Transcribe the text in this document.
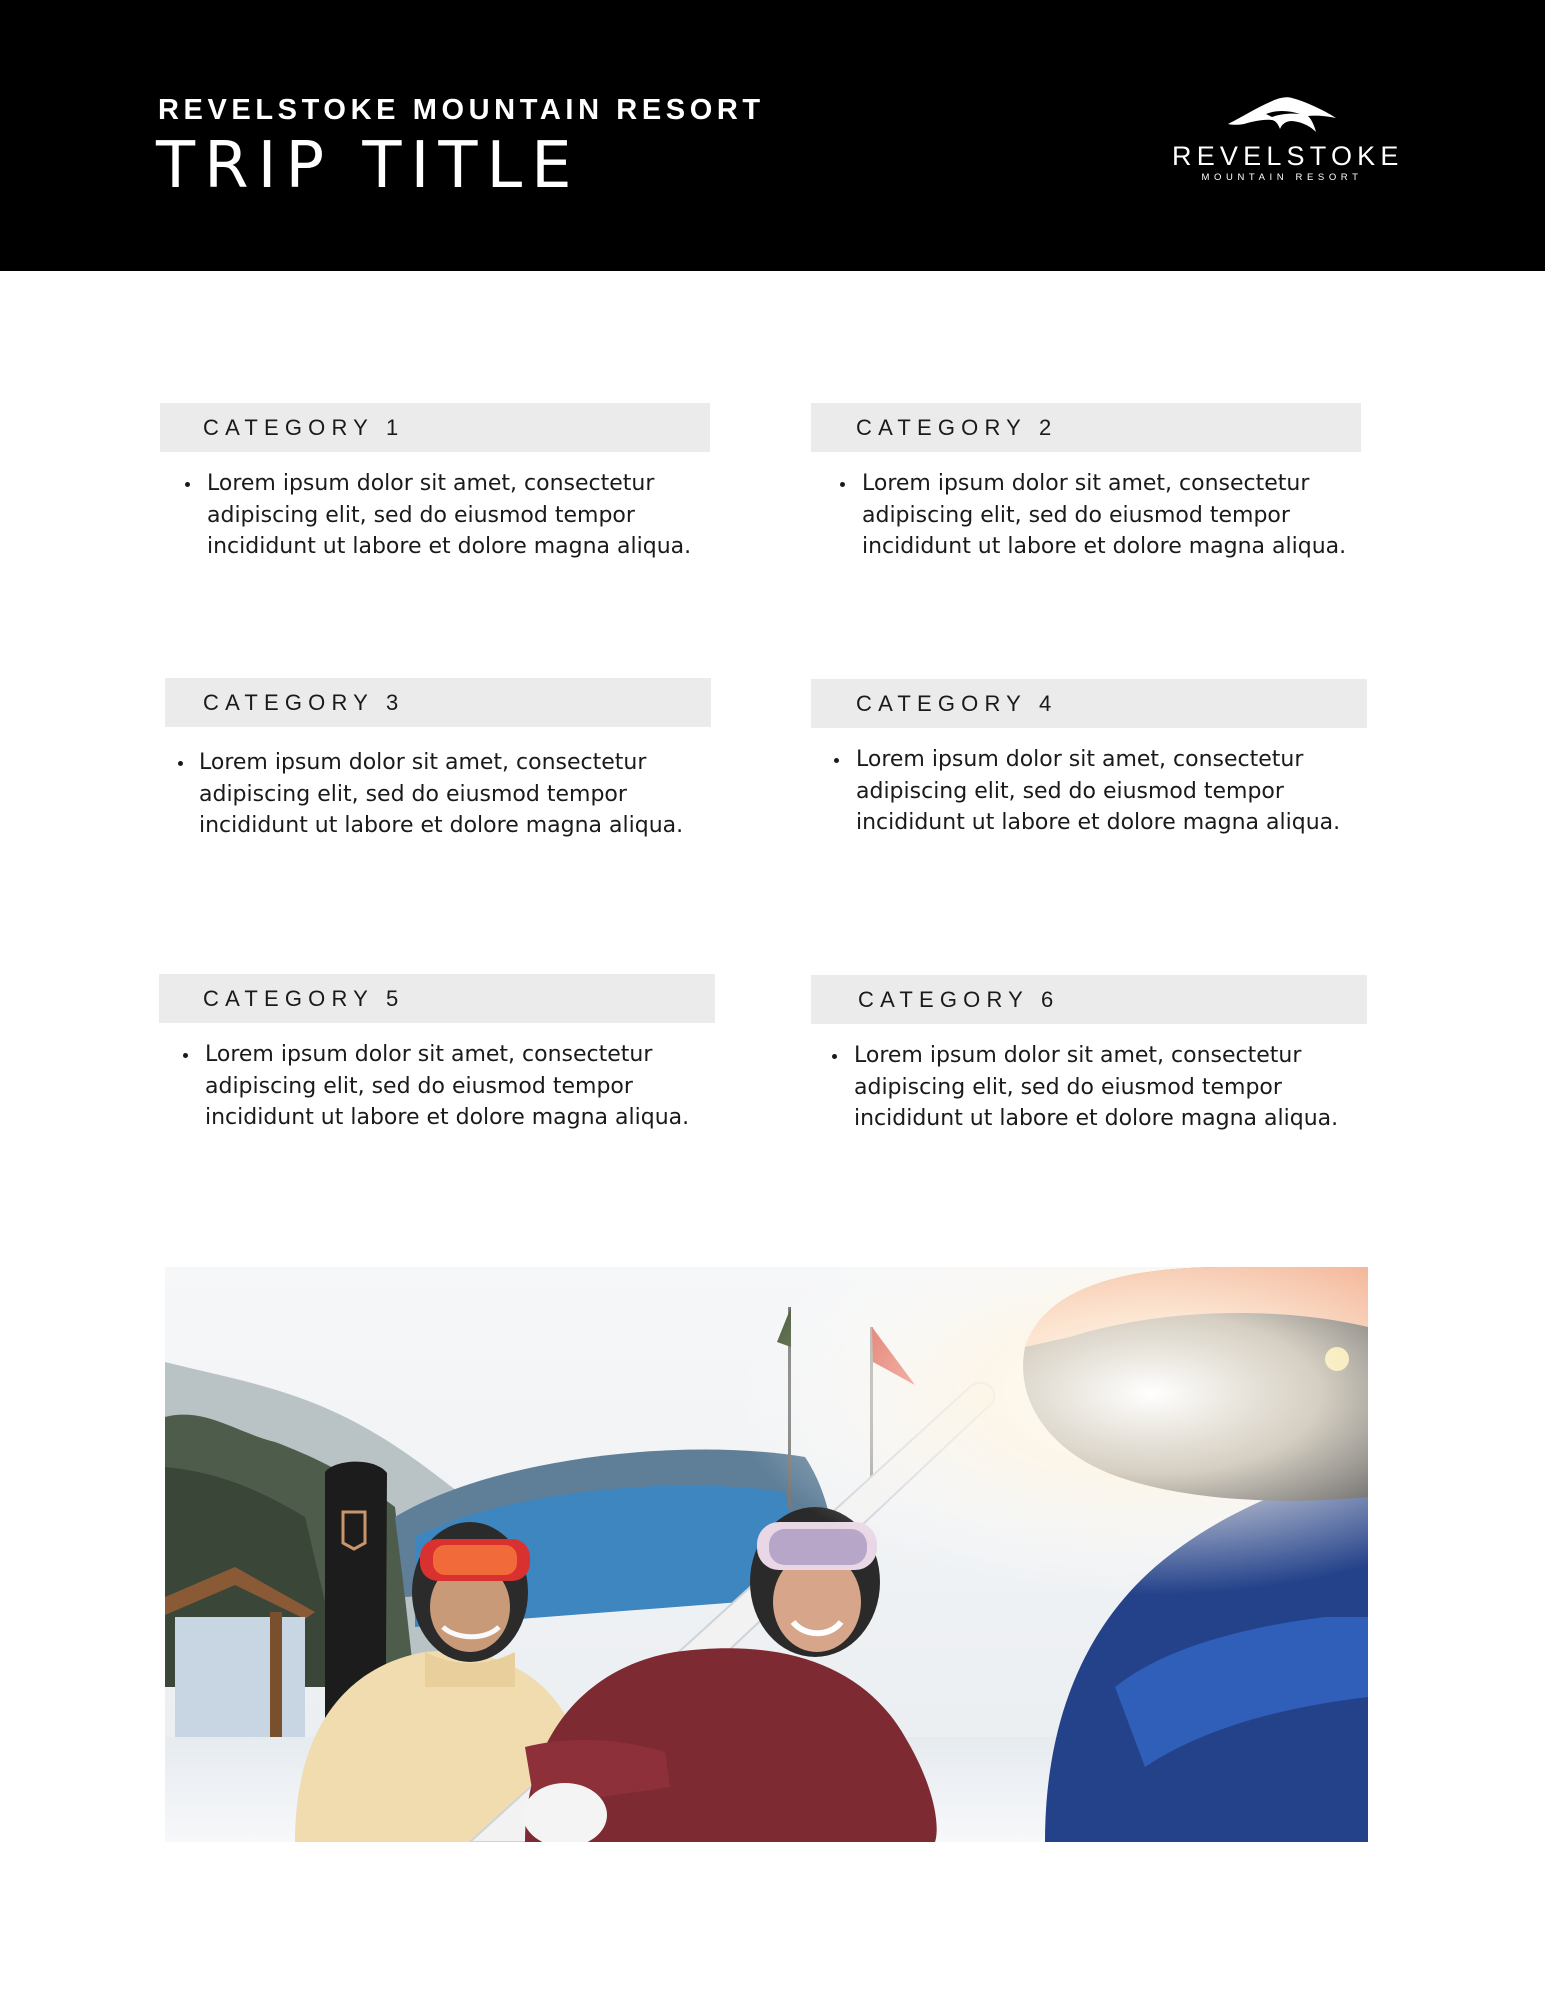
REVELSTOKE MOUNTAIN RESORT
TRIP TITLE	REVELSTOKE
MOUNTAIN RESORT
CATEGORY 1
Lorem ipsum dolor sit amet, consectetur
adipiscing elit, sed do eiusmod tempor
incididunt ut labore et dolore magna aliqua.
CATEGORY 2
Lorem ipsum dolor sit amet, consectetur
adipiscing elit, sed do eiusmod tempor
incididunt ut labore et dolore magna aliqua.
CATEGORY 3
Lorem ipsum dolor sit amet, consectetur
adipiscing elit, sed do eiusmod tempor
incididunt ut labore et dolore magna aliqua.
CATEGORY 4
Lorem ipsum dolor sit amet, consectetur
adipiscing elit, sed do eiusmod tempor
incididunt ut labore et dolore magna aliqua.
CATEGORY 5
Lorem ipsum dolor sit amet, consectetur
adipiscing elit, sed do eiusmod tempor
incididunt ut labore et dolore magna aliqua.
CATEGORY 6
Lorem ipsum dolor sit amet, consectetur
adipiscing elit, sed do eiusmod tempor
incididunt ut labore et dolore magna aliqua.
